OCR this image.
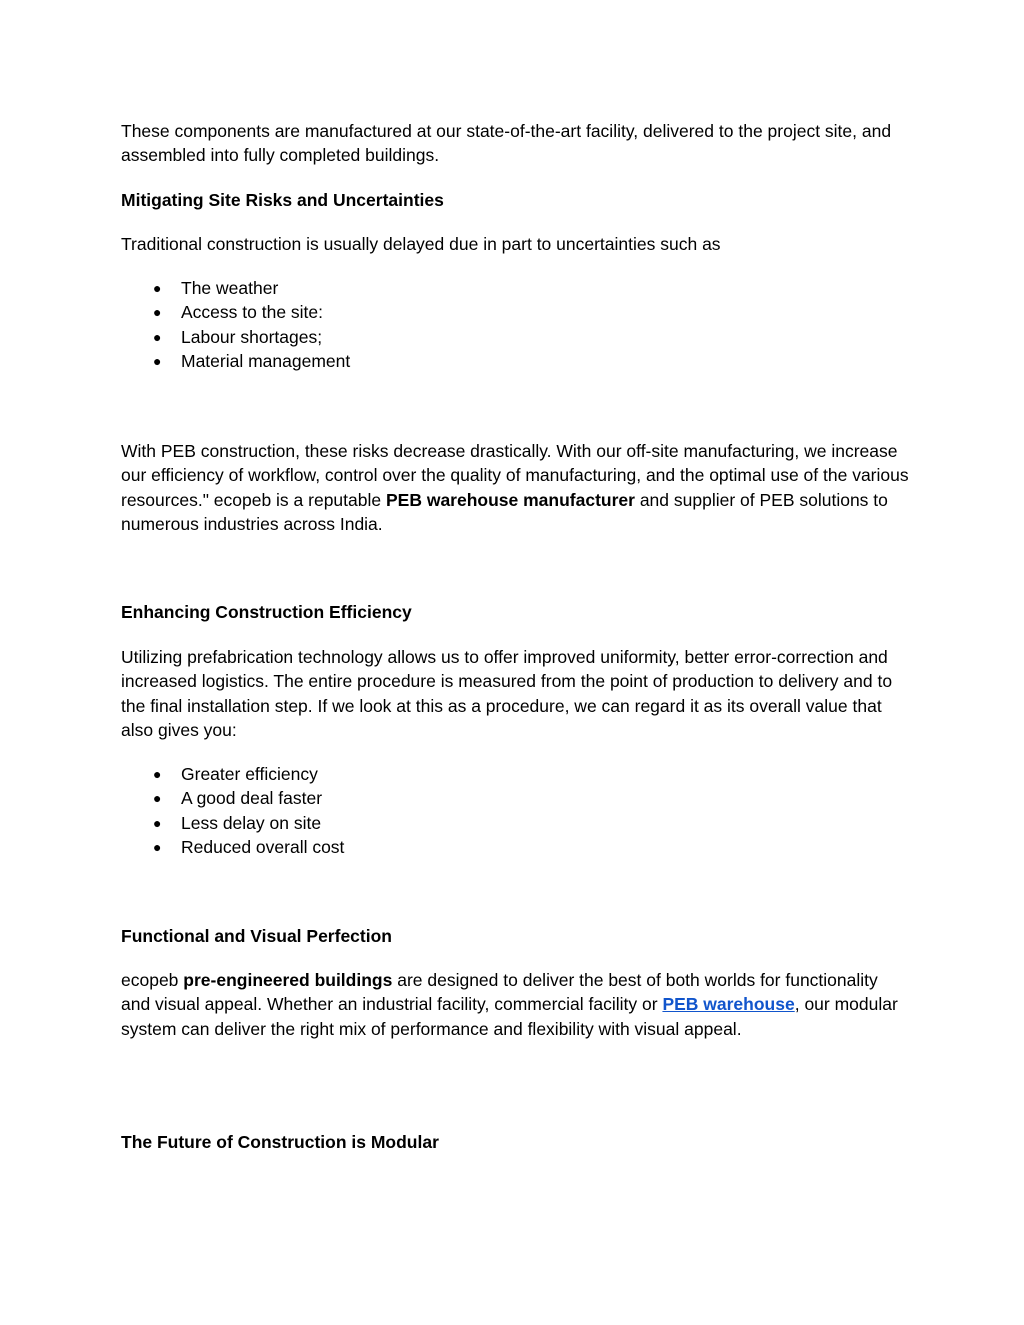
These components are manufactured at our state-of-the-art facility, delivered to the project site, and assembled into fully completed buildings.

Mitigating Site Risks and Uncertainties

Traditional construction is usually delayed due in part to uncertainties such as

● The weather
● Access to the site:
● Labour shortages;
● Material management

With PEB construction, these risks decrease drastically. With our off-site manufacturing, we increase our efficiency of workflow, control over the quality of manufacturing, and the optimal use of the various resources." ecopeb is a reputable PEB warehouse manufacturer and supplier of PEB solutions to numerous industries across India.

Enhancing Construction Efficiency

Utilizing prefabrication technology allows us to offer improved uniformity, better error-correction and increased logistics. The entire procedure is measured from the point of production to delivery and to the final installation step. If we look at this as a procedure, we can regard it as its overall value that also gives you:

● Greater efficiency
● A good deal faster
● Less delay on site
● Reduced overall cost

Functional and Visual Perfection

ecopeb pre-engineered buildings are designed to deliver the best of both worlds for functionality and visual appeal. Whether an industrial facility, commercial facility or PEB warehouse, our modular system can deliver the right mix of performance and flexibility with visual appeal.

The Future of Construction is Modular
